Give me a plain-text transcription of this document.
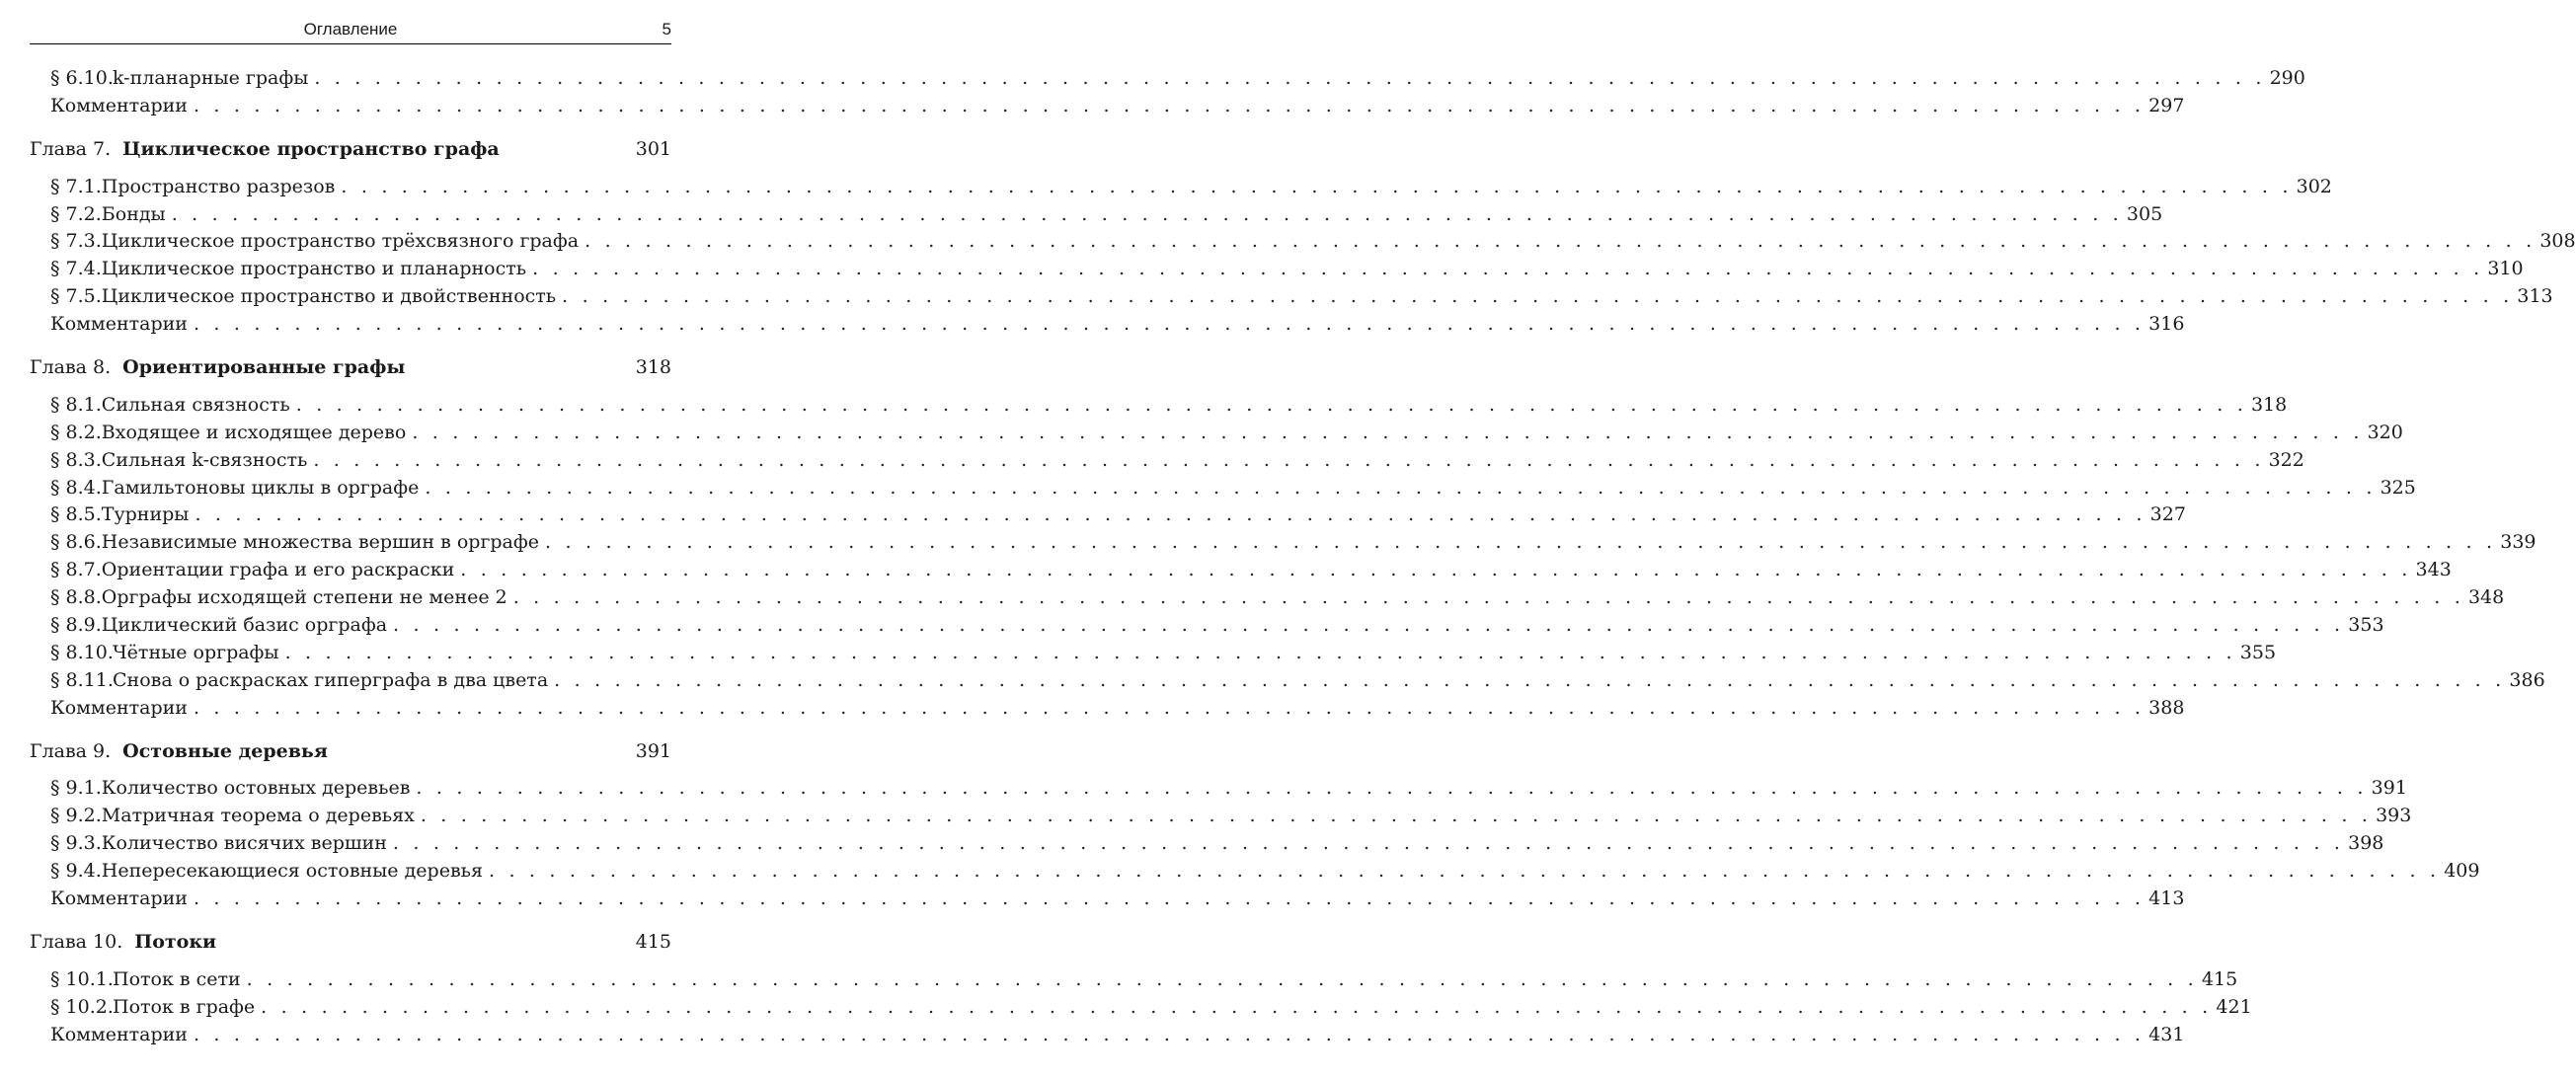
Оглавление	5
§ 6.10. k-планарные графы . . . . . . . . . . . . . . . . . . . . . . . . . . . . . . . . . . . . . . . . . . . . . . . . . . . . . . . . . . . . . . . . . . . . . . . . . . . . . . . . . . . . . . . . . . . . . . . . . 290
Комментарии . . . . . . . . . . . . . . . . . . . . . . . . . . . . . . . . . . . . . . . . . . . . . . . . . . . . . . . . . . . . . . . . . . . . . . . . . . . . . . . . . . . . . . . . . . . . . . . . . 297
Глава 7. Циклическое пространство графа	301
§ 7.1. Пространство разрезов . . . . . . . . . . . . . . . . . . . . . . . . . . . . . . . . . . . . . . . . . . . . . . . . . . . . . . . . . . . . . . . . . . . . . . . . . . . . . . . . . . . . . . . . . . . . . . . . . 302
§ 7.2. Бонды . . . . . . . . . . . . . . . . . . . . . . . . . . . . . . . . . . . . . . . . . . . . . . . . . . . . . . . . . . . . . . . . . . . . . . . . . . . . . . . . . . . . . . . . . . . . . . . . . 305
§ 7.3. Циклическое пространство трёхсвязного графа . . . . . . . . . . . . . . . . . . . . . . . . . . . . . . . . . . . . . . . . . . . . . . . . . . . . . . . . . . . . . . . . . . . . . . . . . . . . . . . . . . . . . . . . . . . . . . . . . 308
§ 7.4. Циклическое пространство и планарность . . . . . . . . . . . . . . . . . . . . . . . . . . . . . . . . . . . . . . . . . . . . . . . . . . . . . . . . . . . . . . . . . . . . . . . . . . . . . . . . . . . . . . . . . . . . . . . . . 310
§ 7.5. Циклическое пространство и двойственность . . . . . . . . . . . . . . . . . . . . . . . . . . . . . . . . . . . . . . . . . . . . . . . . . . . . . . . . . . . . . . . . . . . . . . . . . . . . . . . . . . . . . . . . . . . . . . . . . 313
Комментарии . . . . . . . . . . . . . . . . . . . . . . . . . . . . . . . . . . . . . . . . . . . . . . . . . . . . . . . . . . . . . . . . . . . . . . . . . . . . . . . . . . . . . . . . . . . . . . . . . 316
Глава 8. Ориентированные графы	318
§ 8.1. Сильная связность . . . . . . . . . . . . . . . . . . . . . . . . . . . . . . . . . . . . . . . . . . . . . . . . . . . . . . . . . . . . . . . . . . . . . . . . . . . . . . . . . . . . . . . . . . . . . . . . . 318
§ 8.2. Входящее и исходящее дерево . . . . . . . . . . . . . . . . . . . . . . . . . . . . . . . . . . . . . . . . . . . . . . . . . . . . . . . . . . . . . . . . . . . . . . . . . . . . . . . . . . . . . . . . . . . . . . . . . 320
§ 8.3. Сильная k-связность . . . . . . . . . . . . . . . . . . . . . . . . . . . . . . . . . . . . . . . . . . . . . . . . . . . . . . . . . . . . . . . . . . . . . . . . . . . . . . . . . . . . . . . . . . . . . . . . . 322
§ 8.4. Гамильтоновы циклы в орграфе . . . . . . . . . . . . . . . . . . . . . . . . . . . . . . . . . . . . . . . . . . . . . . . . . . . . . . . . . . . . . . . . . . . . . . . . . . . . . . . . . . . . . . . . . . . . . . . . . 325
§ 8.5. Турниры . . . . . . . . . . . . . . . . . . . . . . . . . . . . . . . . . . . . . . . . . . . . . . . . . . . . . . . . . . . . . . . . . . . . . . . . . . . . . . . . . . . . . . . . . . . . . . . . . 327
§ 8.6. Независимые множества вершин в орграфе . . . . . . . . . . . . . . . . . . . . . . . . . . . . . . . . . . . . . . . . . . . . . . . . . . . . . . . . . . . . . . . . . . . . . . . . . . . . . . . . . . . . . . . . . . . . . . . . . 339
§ 8.7. Ориентации графа и его раскраски . . . . . . . . . . . . . . . . . . . . . . . . . . . . . . . . . . . . . . . . . . . . . . . . . . . . . . . . . . . . . . . . . . . . . . . . . . . . . . . . . . . . . . . . . . . . . . . . . 343
§ 8.8. Орграфы исходящей степени не менее 2 . . . . . . . . . . . . . . . . . . . . . . . . . . . . . . . . . . . . . . . . . . . . . . . . . . . . . . . . . . . . . . . . . . . . . . . . . . . . . . . . . . . . . . . . . . . . . . . . . 348
§ 8.9. Циклический базис орграфа . . . . . . . . . . . . . . . . . . . . . . . . . . . . . . . . . . . . . . . . . . . . . . . . . . . . . . . . . . . . . . . . . . . . . . . . . . . . . . . . . . . . . . . . . . . . . . . . . 353
§ 8.10. Чётные орграфы . . . . . . . . . . . . . . . . . . . . . . . . . . . . . . . . . . . . . . . . . . . . . . . . . . . . . . . . . . . . . . . . . . . . . . . . . . . . . . . . . . . . . . . . . . . . . . . . . 355
§ 8.11. Снова о раскрасках гиперграфа в два цвета . . . . . . . . . . . . . . . . . . . . . . . . . . . . . . . . . . . . . . . . . . . . . . . . . . . . . . . . . . . . . . . . . . . . . . . . . . . . . . . . . . . . . . . . . . . . . . . . . 386
Комментарии . . . . . . . . . . . . . . . . . . . . . . . . . . . . . . . . . . . . . . . . . . . . . . . . . . . . . . . . . . . . . . . . . . . . . . . . . . . . . . . . . . . . . . . . . . . . . . . . . 388
Глава 9. Остовные деревья	391
§ 9.1. Количество остовных деревьев . . . . . . . . . . . . . . . . . . . . . . . . . . . . . . . . . . . . . . . . . . . . . . . . . . . . . . . . . . . . . . . . . . . . . . . . . . . . . . . . . . . . . . . . . . . . . . . . . 391
§ 9.2. Матричная теорема о деревьях . . . . . . . . . . . . . . . . . . . . . . . . . . . . . . . . . . . . . . . . . . . . . . . . . . . . . . . . . . . . . . . . . . . . . . . . . . . . . . . . . . . . . . . . . . . . . . . . . 393
§ 9.3. Количество висячих вершин . . . . . . . . . . . . . . . . . . . . . . . . . . . . . . . . . . . . . . . . . . . . . . . . . . . . . . . . . . . . . . . . . . . . . . . . . . . . . . . . . . . . . . . . . . . . . . . . . 398
§ 9.4. Непересекающиеся остовные деревья . . . . . . . . . . . . . . . . . . . . . . . . . . . . . . . . . . . . . . . . . . . . . . . . . . . . . . . . . . . . . . . . . . . . . . . . . . . . . . . . . . . . . . . . . . . . . . . . . 409
Комментарии . . . . . . . . . . . . . . . . . . . . . . . . . . . . . . . . . . . . . . . . . . . . . . . . . . . . . . . . . . . . . . . . . . . . . . . . . . . . . . . . . . . . . . . . . . . . . . . . . 413
Глава 10. Потоки	415
§ 10.1. Поток в сети . . . . . . . . . . . . . . . . . . . . . . . . . . . . . . . . . . . . . . . . . . . . . . . . . . . . . . . . . . . . . . . . . . . . . . . . . . . . . . . . . . . . . . . . . . . . . . . . . 415
§ 10.2. Поток в графе . . . . . . . . . . . . . . . . . . . . . . . . . . . . . . . . . . . . . . . . . . . . . . . . . . . . . . . . . . . . . . . . . . . . . . . . . . . . . . . . . . . . . . . . . . . . . . . . . 421
Комментарии . . . . . . . . . . . . . . . . . . . . . . . . . . . . . . . . . . . . . . . . . . . . . . . . . . . . . . . . . . . . . . . . . . . . . . . . . . . . . . . . . . . . . . . . . . . . . . . . . 431
